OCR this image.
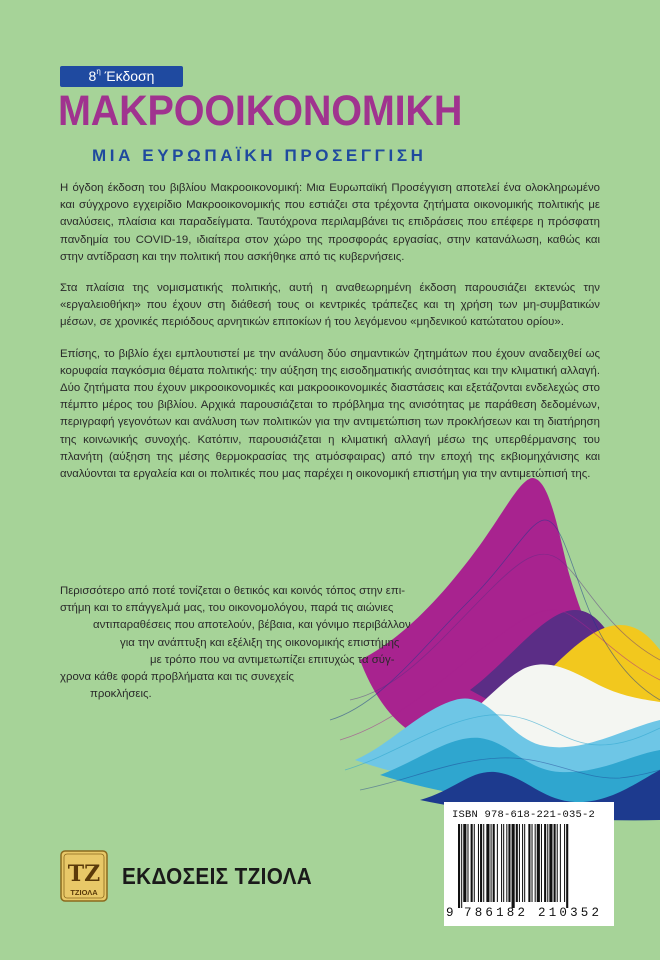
$8^\eta$ Έκδοση
ΜΑΚΡΟΟΙΚΟΝΟΜΙΚΗ
ΜΙΑ ΕΥΡΩΠΑΪΚΗ ΠΡΟΣΕΓΓΙΣΗ

Η όγδοη έκδοση του βιβλίου Μακροοικονομική: Μια Ευρωπαϊκή Προσέγγιση αποτελεί ένα ολοκληρωμένο και σύγχρονο εγχειρίδιο Μακροοικονομικής που εστιάζει στα τρέχοντα ζητήματα οικονομικής πολιτικής με αναλύσεις, πλαίσια και παραδείγματα. Ταυτόχρονα περιλαμβάνει τις επιδράσεις που επέφερε η πρόσφατη πανδημία του COVID-19, ιδιαίτερα στον χώρο της προσφοράς εργασίας, στην κατανάλωση, καθώς και στην αντίδραση και την πολιτική που ασκήθηκε από τις κυβερνήσεις.

Στα πλαίσια της νομισματικής πολιτικής, αυτή η αναθεωρημένη έκδοση παρουσιάζει εκτενώς την «εργαλειοθήκη» που έχουν στη διάθεσή τους οι κεντρικές τράπεζες και τη χρήση των μη-συμβατικών μέσων, σε χρονικές περιόδους αρνητικών επιτοκίων ή του λεγόμενου «μηδενικού κατώτατου ορίου».

Επίσης, το βιβλίο έχει εμπλουτιστεί με την ανάλυση δύο σημαντικών ζητημάτων που έχουν αναδειχθεί ως κορυφαία παγκόσμια θέματα πολιτικής: την αύξηση της εισοδηματικής ανισότητας και την κλιματική αλλαγή. Δύο ζητήματα που έχουν μικροοικονομικές και μακροοικονομικές διαστάσεις και εξετάζονται ενδελεχώς στο πέμπτο μέρος του βιβλίου. Αρχικά παρουσιάζεται το πρόβλημα της ανισότητας με παράθεση δεδομένων, περιγραφή γεγονότων και ανάλυση των πολιτικών για την αντιμετώπιση των προκλήσεων και τη διατήρηση της κοινωνικής συνοχής. Κατόπιν, παρουσιάζεται η κλιματική αλλαγή μέσω της υπερθέρμανσης του πλανήτη (αύξηση της μέσης θερμοκρασίας της ατμόσφαιρας) από την εποχή της εκβιομηχάνισης και αναλύονται τα εργαλεία και οι πολιτικές που μας παρέχει η οικονομική επιστήμη για την αντιμετώπισή της.

Περισσότερο από ποτέ τονίζεται ο θετικός και κοινός τόπος στην επι-
στήμη και το επάγγελμά μας, του οικονομολόγου, παρά τις αιώνιες
αντιπαραθέσεις που αποτελούν, βέβαια, και γόνιμο περιβάλλον
για την ανάπτυξη και εξέλιξη της οικονομικής επιστήμης
με τρόπο που να αντιμετωπίζει επιτυχώς τα σύγ-
χρονα κάθε φορά προβλήματα και τις συνεχείς
προκλήσεις.

ΤΖ
ΤΖΙΟΛΑ
ΕΚΔΟΣΕΙΣ ΤΖΙΟΛΑ
ISBN 978-618-221-035-2
9 786182 210352
